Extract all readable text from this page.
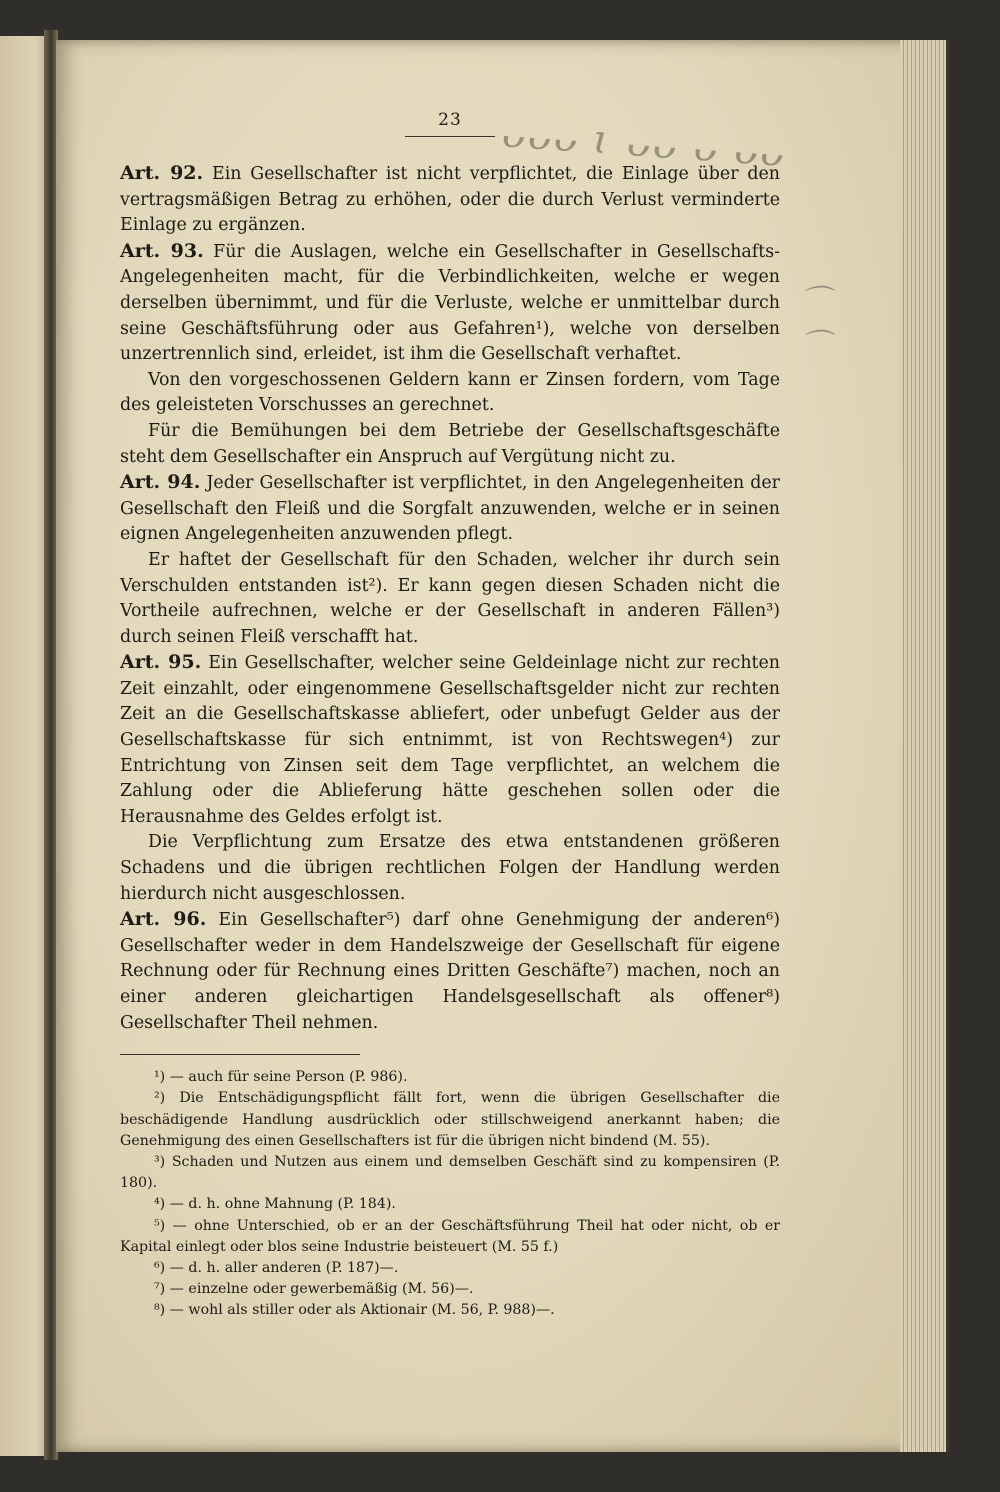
ᴗᴗᴗ ɩ ᴗᴗ ᴗ ᴗᴗ
⌒
⌒
23

Art. 92. Ein Gesellschafter ist nicht verpflichtet, die Einlage über den vertragsmäßigen Betrag zu erhöhen, oder die durch Verlust verminderte Einlage zu ergänzen.

Art. 93. Für die Auslagen, welche ein Gesellschafter in Gesellschafts-Angelegenheiten macht, für die Verbindlichkeiten, welche er wegen derselben übernimmt, und für die Verluste, welche er unmittelbar durch seine Geschäftsführung oder aus Gefahren¹), welche von derselben unzertrennlich sind, erleidet, ist ihm die Gesellschaft verhaftet.

Von den vorgeschossenen Geldern kann er Zinsen fordern, vom Tage des geleisteten Vorschusses an gerechnet.

Für die Bemühungen bei dem Betriebe der Gesellschaftsgeschäfte steht dem Gesellschafter ein Anspruch auf Vergütung nicht zu.

Art. 94. Jeder Gesellschafter ist verpflichtet, in den Angelegenheiten der Gesellschaft den Fleiß und die Sorgfalt anzuwenden, welche er in seinen eignen Angelegenheiten anzuwenden pflegt.

Er haftet der Gesellschaft für den Schaden, welcher ihr durch sein Verschulden entstanden ist²). Er kann gegen diesen Schaden nicht die Vortheile aufrechnen, welche er der Gesellschaft in anderen Fällen³) durch seinen Fleiß verschafft hat.

Art. 95. Ein Gesellschafter, welcher seine Geldeinlage nicht zur rechten Zeit einzahlt, oder eingenommene Gesellschaftsgelder nicht zur rechten Zeit an die Gesellschaftskasse abliefert, oder unbefugt Gelder aus der Gesellschaftskasse für sich entnimmt, ist von Rechtswegen⁴) zur Entrichtung von Zinsen seit dem Tage verpflichtet, an welchem die Zahlung oder die Ablieferung hätte geschehen sollen oder die Herausnahme des Geldes erfolgt ist.

Die Verpflichtung zum Ersatze des etwa entstandenen größeren Schadens und die übrigen rechtlichen Folgen der Handlung werden hierdurch nicht ausgeschlossen.

Art. 96. Ein Gesellschafter⁵) darf ohne Genehmigung der anderen⁶) Gesellschafter weder in dem Handelszweige der Gesellschaft für eigene Rechnung oder für Rechnung eines Dritten Geschäfte⁷) machen, noch an einer anderen gleichartigen Handelsgesellschaft als offener⁸) Gesellschafter Theil nehmen.

¹) — auch für seine Person (P. 986).

²) Die Entschädigungspflicht fällt fort, wenn die übrigen Gesellschafter die beschädigende Handlung ausdrücklich oder stillschweigend anerkannt haben; die Genehmigung des einen Gesellschafters ist für die übrigen nicht bindend (M. 55).

³) Schaden und Nutzen aus einem und demselben Geschäft sind zu kompensiren (P. 180).

⁴) — d. h. ohne Mahnung (P. 184).

⁵) — ohne Unterschied, ob er an der Geschäftsführung Theil hat oder nicht, ob er Kapital einlegt oder blos seine Industrie beisteuert (M. 55 f.)

⁶) — d. h. aller anderen (P. 187)—.

⁷) — einzelne oder gewerbemäßig (M. 56)—.

⁸) — wohl als stiller oder als Aktionair (M. 56, P. 988)—.
